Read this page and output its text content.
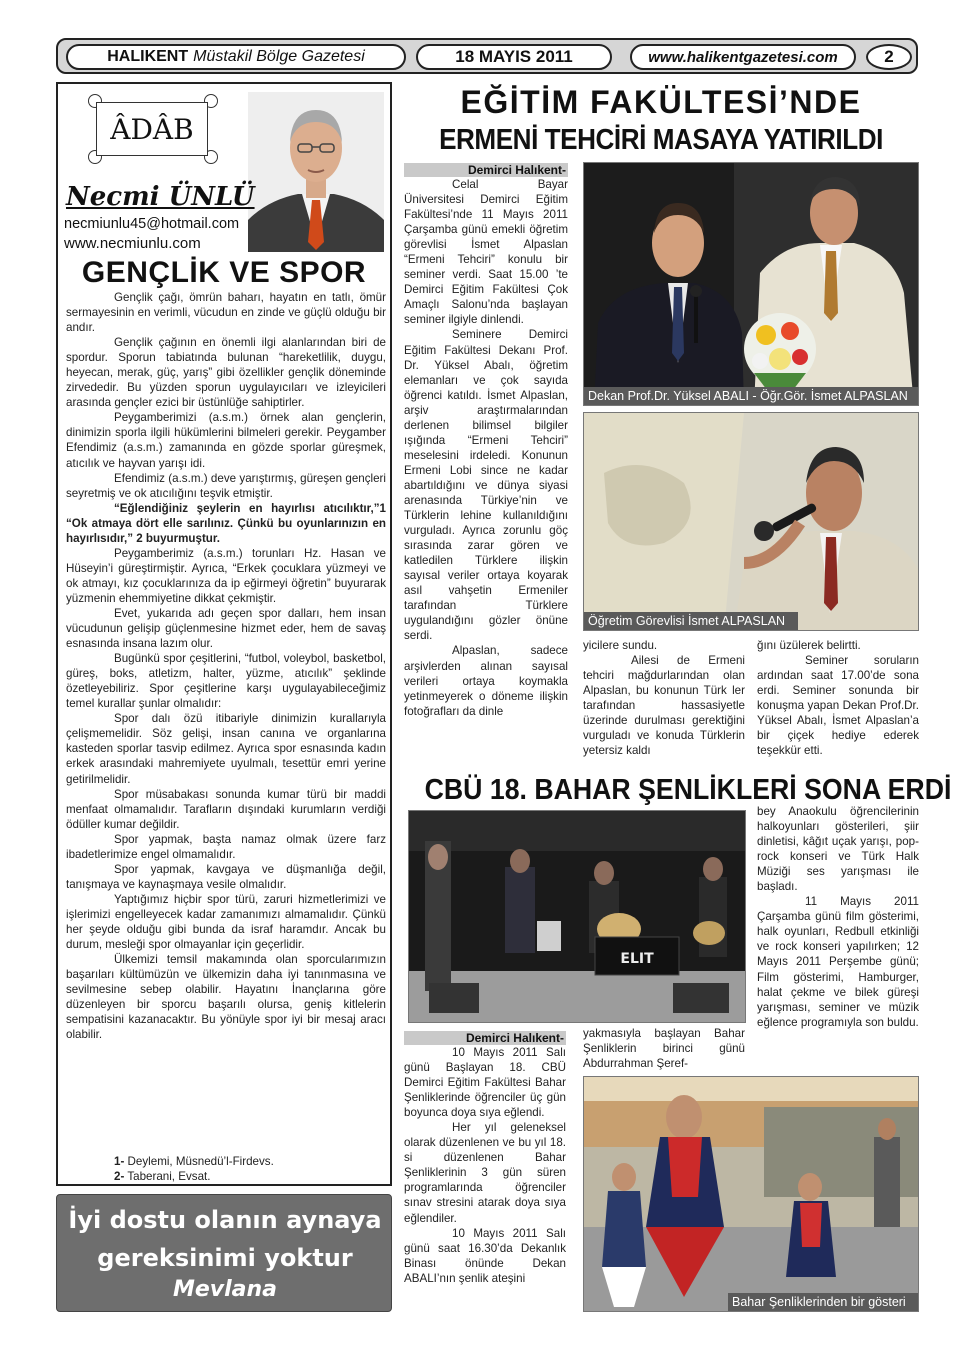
HALIKENT Müstakil Bölge Gazetesi	18 MAYIS 2011	www.halikentgazetesi.com	2
ÂDÂB
Necmi ÜNLÜ
necmiunlu45@hotmail.com
www.necmiunlu.com
GENÇLİK VE SPOR

Gençlik çağı, ömrün baharı, hayatın en tatlı, ömür sermayesinin en verimli, vücudun en zinde ve güçlü olduğu bir andır.

Gençlik çağının en önemli ilgi alanlarından biri de spordur. Sporun tabiatında bulunan “hareketlilik, duygu, heyecan, merak, güç, yarış” gibi özellikler gençlik döneminde zirvededir. Bu yüzden sporun uygulayıcıları ve izleyicileri arasında gençler ezici bir üstünlüğe sahiptirler.

Peygamberimizi (a.s.m.) örnek alan gençlerin, dinimizin sporla ilgili hükümlerini bilmeleri gerekir. Peygamber Efendimiz (a.s.m.) zamanında en gözde sporlar güreşmek, atıcılık ve hayvan yarışı idi.

Efendimiz (a.s.m.) deve yarıştırmış, güreşen gençleri seyretmiş ve ok atıcılığını teşvik etmiştir.

“Eğlendiğiniz şeylerin en hayırlısı atıcılıktır,”1 “Ok atmaya dört elle sarılınız. Çünkü bu oyunlarınızın en hayırlısıdır,” 2 buyurmuştur.

Peygamberimiz (a.s.m.) torunları Hz. Hasan ve Hüseyin’i güreştirmiştir. Ayrıca, “Erkek çocuklara yüzmeyi ve ok atmayı, kız çocuklarınıza da ip eğirmeyi öğretin” buyurarak yüzmenin ehemmiyetine dikkat çekmiştir.

Evet, yukarıda adı geçen spor dalları, hem insan vücudunun gelişip güçlenmesine hizmet eder, hem de savaş esnasında insana lazım olur.

Bugünkü spor çeşitlerini, “futbol, voleybol, basketbol, güreş, boks, atletizm, halter, yüzme, atıcılık” şeklinde özetleyebiliriz. Spor çeşitlerine karşı uygulayabileceğimiz temel kurallar şunlar olmalıdır:

Spor dalı özü itibariyle dinimizin kurallarıyla çelişmemelidir. Söz gelişi, insan canına ve organlarına kasteden sporlar tasvip edilmez. Ayrıca spor esnasında kadın erkek arasındaki mahremiyete uyulmalı, tesettür emri yerine getirilmelidir.

Spor müsabakası sonunda kumar türü bir maddi menfaat olmamalıdır. Tarafların dışındaki kurumların verdiği ödüller kumar değildir.

Spor yapmak, başta namaz olmak üzere farz ibadetlerimize engel olmamalıdır.

Spor yapmak, kavgaya ve düşmanlığa değil, tanışmaya ve kaynaşmaya vesile olmalıdır.

Yaptığımız hiçbir spor türü, zaruri hizmetlerimizi ve işlerimizi engelleyecek kadar zamanımızı almamalıdır. Çünkü her şeyde olduğu gibi bunda da israf haramdır. Ancak bu durum, mesleği spor olmayanlar için geçerlidir.

Ülkemizi temsil makamında olan sporcularımızın başarıları kültümüzün ve ülkemizin daha iyi tanınmasına ve sevilmesine sebep olabilir. Hayatını İnançlarına göre düzenleyen bir sporcu başarılı olursa, geniş kitlelerin sempatisini kazanacaktır. Bu yönüyle spor iyi bir mesaj aracı olabilir.

1- Deylemi, Müsnedü’l-Firdevs.
2- Taberani, Evsat.
İyi dostu olanın aynaya gereksinimi yoktur
Mevlana
EĞİTİM FAKÜLTESİ’NDE
ERMENİ TEHCİRİ MASAYA YATIRILDI
Demirci Halıkent-

Celal Bayar Üniversitesi Demirci Eğitim Fakültesi’nde 11 Mayıs 2011 Çarşamba günü emekli öğretim görevlisi İsmet Alpaslan “Ermeni Tehciri” konulu bir seminer verdi. Saat 15.00 ’te Demirci Eğitim Fakültesi Çok Amaçlı Salonu’nda başlayan seminer ilgiyle dinlendi.

Seminere Demirci Eğitim Fakültesi Dekanı Prof. Dr. Yüksel Abalı, öğretim elemanları ve çok sayıda öğrenci katıldı. İsmet Alpaslan, arşiv araştırmalarından derlenen bilimsel bilgiler ışığında “Ermeni Tehciri” meselesini irdeledi. Konunun Ermeni Lobi since ne kadar abartıldığını ve dünya siyasi arenasında Türkiye’nin ve Türklerin lehine kullanıldığını vurguladı. Ayrıca zorunlu göç sırasında zarar gören ve katledilen Türklere ilişkin sayısal veriler ortaya koyarak asıl vahşetin Ermeniler tarafından Türklere uygulandığını gözler önüne serdi.

Alpaslan, sadece arşivlerden alınan sayısal verileri ortaya koymakla yetinmeyerek o döneme ilişkin fotoğrafları da dinle

Dekan Prof.Dr. Yüksel ABALI - Öğr.Gör. İsmet ALPASLAN
Öğretim Görevlisi İsmet ALPASLAN

yicilere sundu.

Ailesi de Ermeni tehciri mağdurlarından olan Alpaslan, bu konunun Türk ler tarafından hassasiyetle üzerinde durulması gerektiğini vurguladı ve konuda Türklerin yetersiz kaldı

ğını üzülerek belirtti.

Seminer soruların ardından saat 17.00’de sona erdi. Seminer sonunda bir konuşma yapan Dekan Prof.Dr. Yüksel Abalı, İsmet Alpaslan’a bir çiçek hediye ederek teşekkür etti.

CBÜ 18. BAHAR ŞENLİKLERİ SONA ERDİ
ELIT

bey Anaokulu öğrencilerinin halkoyunları gösterileri, şiir dinletisi, kâğıt uçak yarışı, pop-rock konseri ve Türk Halk Müziği ses yarışması ile başladı.

11 Mayıs 2011 Çarşamba günü film gösterimi, halk oyunları, Redbull etkinliği ve rock konseri yapılırken; 12 Mayıs 2011 Perşembe günü; Film gösterimi, Hamburger, halat çekme ve bilek güreşi yarışması, seminer ve müzik eğlence programıyla son buldu.

Demirci Halıkent-

10 Mayıs 2011 Salı günü Başlayan 18. CBÜ Demirci Eğitim Fakültesi Bahar Şenliklerinde öğrenciler üç gün boyunca doya sıya eğlendi.

Her yıl geleneksel olarak düzenlenen ve bu yıl 18. si düzenlenen Bahar Şenliklerinin 3 gün süren programlarında öğrenciler sınav stresini atarak doya sıya eğlendiler.

10 Mayıs 2011 Salı günü saat 16.30’da Dekanlık Binası önünde Dekan ABALI’nın şenlik ateşini

yakmasıyla başlayan Bahar Şenliklerin birinci günü Abdurrahman Şeref-

Bahar Şenliklerinden bir gösteri
